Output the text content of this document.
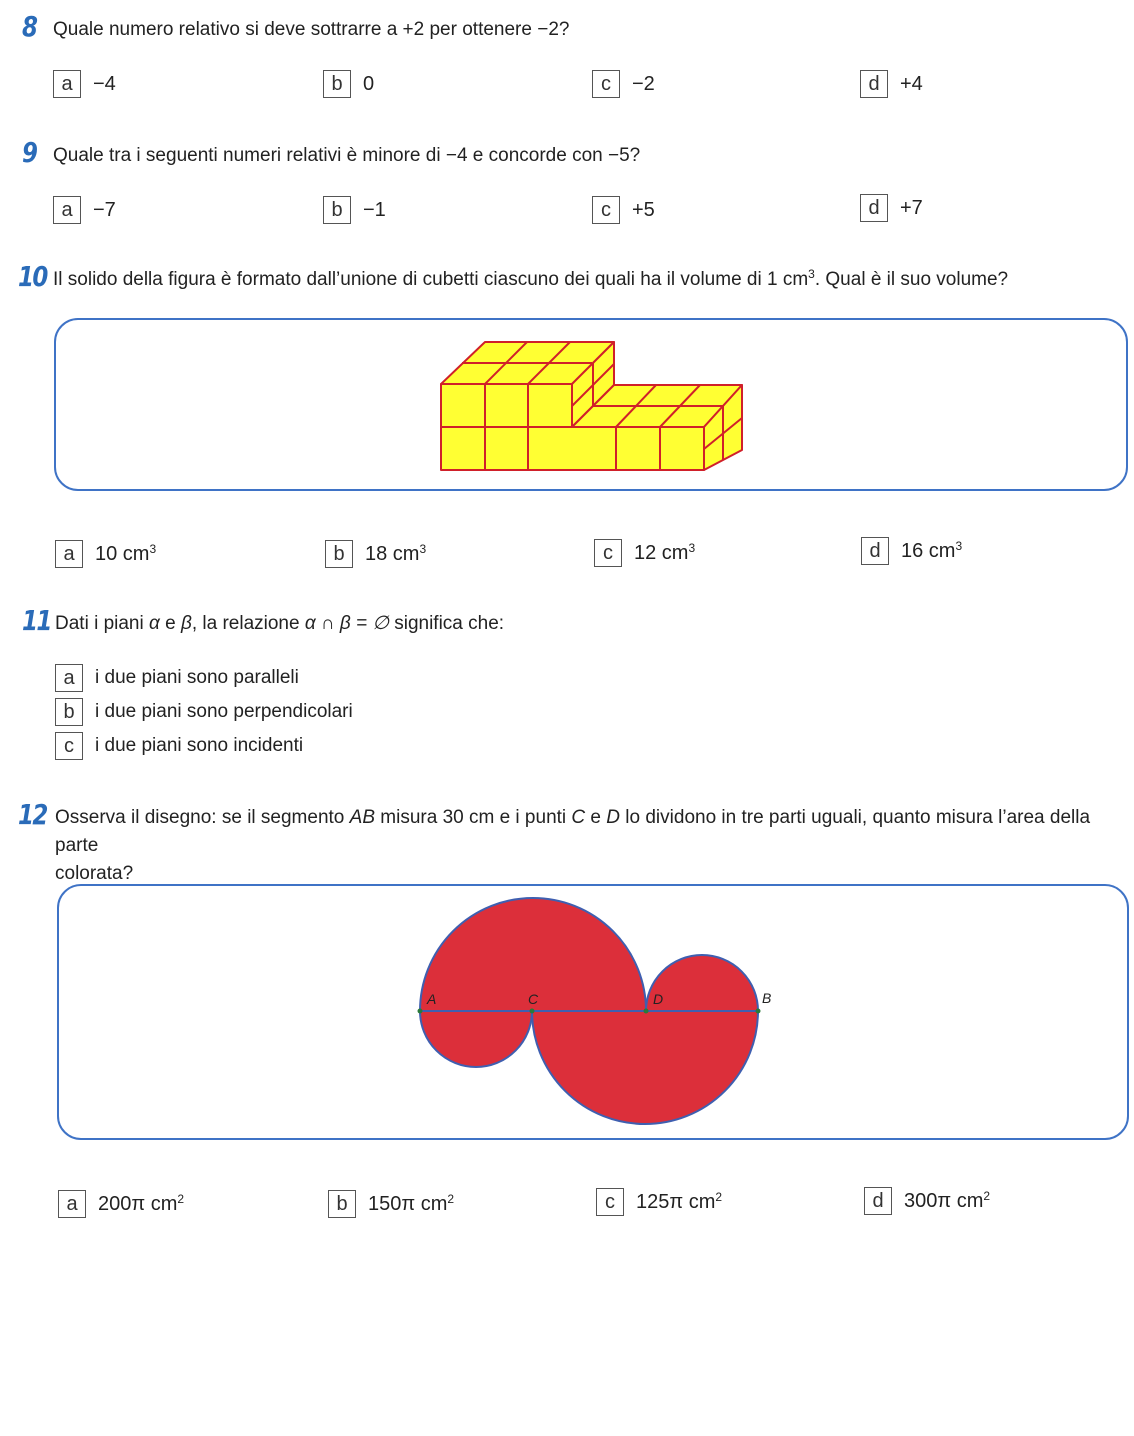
8 Quale numero relativo si deve sottrarre a +2 per ottenere −2?
a	−4	b	0	c	−2	d	+4
9 Quale tra i seguenti numeri relativi è minore di −4 e concorde con −5?
a	−7	b	−1	c	+5	d	+7
10 Il solido della figura è formato dall’unione di cubetti ciascuno dei quali ha il volume di 1 $cm^3$. Qual è il suo volume?
a	10 $cm^3$	b	18 $cm^3$	c	12 $cm^3$	d	16 $cm^3$
11 Dati i piani α e β, la relazione α ∩ β = ∅ significa che:
a	i due piani sono paralleli
b	i due piani sono perpendicolari
c	i due piani sono incidenti
12 Osserva il disegno: se il segmento AB misura 30 cm e i punti C e D lo dividono in tre parti uguali, quanto misura l’area della parte
colorata?
A	C	D	B
a	200π $cm^2$	b	150π $cm^2$	c	125π $cm^2$	d	300π $cm^2$
